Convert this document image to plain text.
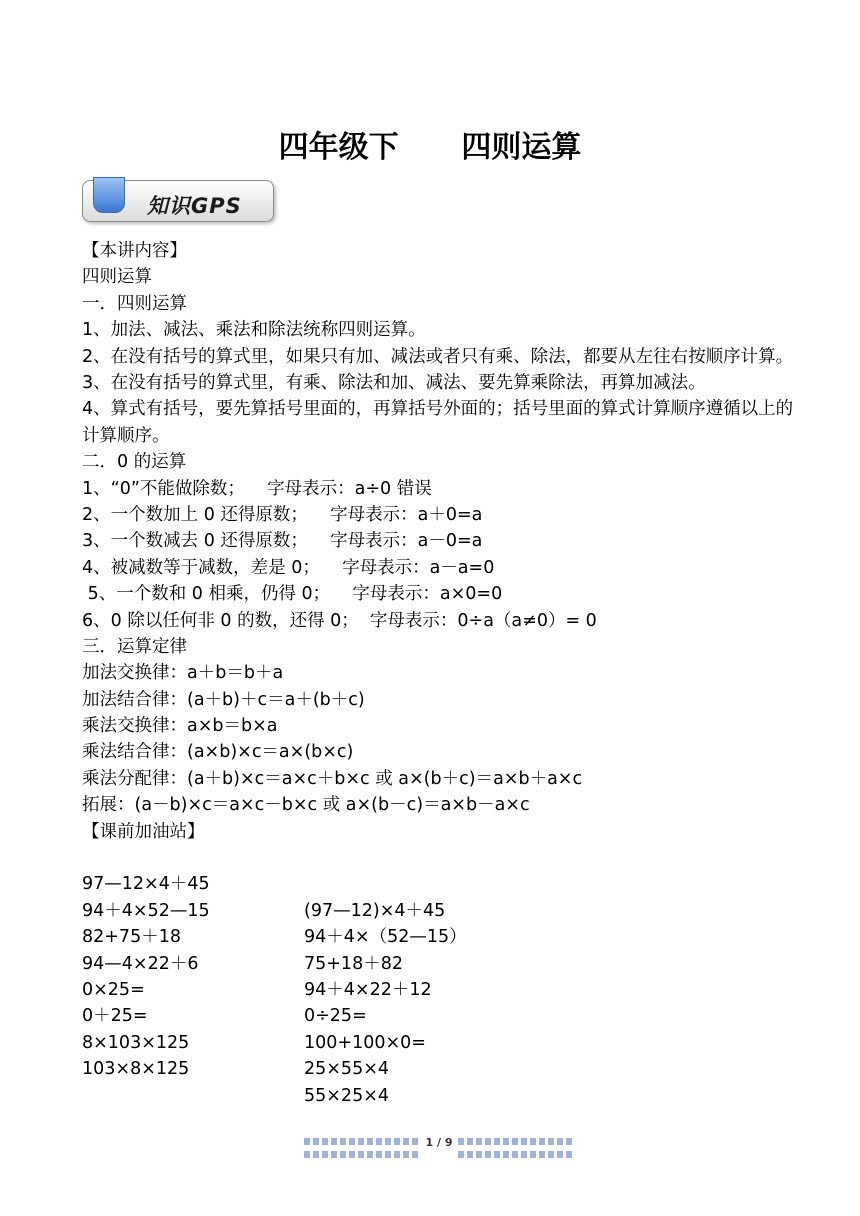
四年级下      四则运算
知识GPS
【本讲内容】
四则运算
一．四则运算
1、加法、减法、乘法和除法统称四则运算。
2、在没有括号的算式里，如果只有加、减法或者只有乘、除法，都要从左往右按顺序计算。
3、在没有括号的算式里，有乘、除法和加、减法、要先算乘除法，再算加减法。
4、算式有括号，要先算括号里面的，再算括号外面的；括号里面的算式计算顺序遵循以上的计算顺序。
二．0 的运算
1、“0”不能做除数；    字母表示：a÷0 错误
2、一个数加上 0 还得原数；    字母表示：a＋0=a
3、一个数减去 0 还得原数；    字母表示：a－0=a
4、被减数等于减数，差是 0；    字母表示：a－a=0
5、一个数和 0 相乘，仍得 0；    字母表示：a×0=0
6、0 除以任何非 0 的数，还得 0；  字母表示：0÷a（a≠0）= 0
三．运算定律
加法交换律：a＋b＝b＋a
加法结合律：(a＋b)＋c＝a＋(b＋c)
乘法交换律：a×b＝b×a
乘法结合律：(a×b)×c＝a×(b×c)
乘法分配律：(a＋b)×c＝a×c＋b×c 或 a×(b＋c)＝a×b＋a×c
拓展：(a－b)×c＝a×c－b×c 或 a×(b－c)＝a×b－a×c
【课前加油站】

97—12×4＋45

(97—12)×4＋45

94＋4×52—15

94＋4×（52—15）

82+75＋18

75+18＋82

94—4×22＋6

94＋4×22＋12

0×25=

0÷25=

0＋25=

100+100×0=

8×103×125

25×55×4

103×8×125

55×25×4

1 / 9
